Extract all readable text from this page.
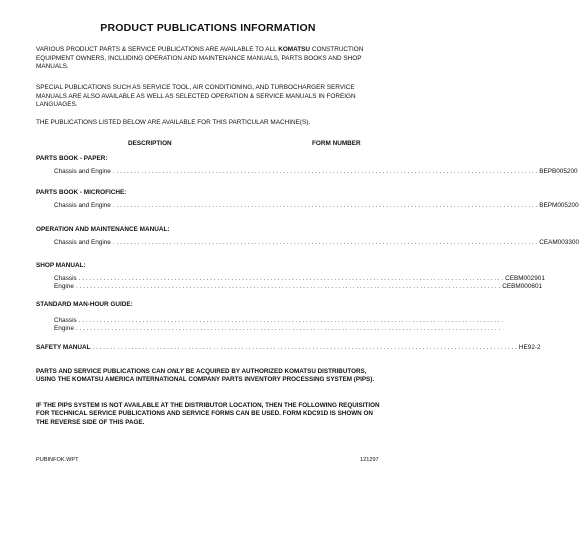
PRODUCT PUBLICATIONS INFORMATION
VARIOUS PRODUCT PARTS & SERVICE PUBLICATIONS ARE AVAILABLE TO ALL KOMATSU CONSTRUCTION EQUIPMENT OWNERS, INCLUDING OPERATION AND MAINTENANCE MANUALS, PARTS BOOKS AND SHOP MANUALS.
SPECIAL PUBLICATIONS SUCH AS SERVICE TOOL, AIR CONDITIONING, AND TURBOCHARGER SERVICE MANUALS ARE ALSO AVAILABLE AS WELL AS SELECTED OPERATION & SERVICE MANUALS IN FOREIGN LANGUAGES.
THE PUBLICATIONS LISTED BELOW ARE AVAILABLE FOR THIS PARTICULAR MACHINE(S).
DESCRIPTION	FORM NUMBER
PARTS BOOK - PAPER:
Chassis and Engine . . . . . . . . . . . . . . . . . . . . . . . . . . . . . . . . . . . . . . . . . . . . . . . . . . . . . . . . . . . . . . . . . . . . . . . . . . . . . . . . . . . . . . . . . . . . . . . . . . . . . . . . . . . . . . . . . . . . . . . . BEPB005200
PARTS BOOK - MICROFICHE:
Chassis and Engine . . . . . . . . . . . . . . . . . . . . . . . . . . . . . . . . . . . . . . . . . . . . . . . . . . . . . . . . . . . . . . . . . . . . . . . . . . . . . . . . . . . . . . . . . . . . . . . . . . . . . . . . . . . . . . . . . . . . . . . . BEPM005200
OPERATION AND MAINTENANCE MANUAL:
Chassis and Engine . . . . . . . . . . . . . . . . . . . . . . . . . . . . . . . . . . . . . . . . . . . . . . . . . . . . . . . . . . . . . . . . . . . . . . . . . . . . . . . . . . . . . . . . . . . . . . . . . . . . . . . . . . . . . . . . . . . . . . . . CEAM003300
SHOP MANUAL:
Chassis . . . . . . . . . . . . . . . . . . . . . . . . . . . . . . . . . . . . . . . . . . . . . . . . . . . . . . . . . . . . . . . . . . . . . . . . . . . . . . . . . . . . . . . . . . . . . . . . . . . . . . . . . . . . . . . . . . . . . . . . CEBM002901
Engine . . . . . . . . . . . . . . . . . . . . . . . . . . . . . . . . . . . . . . . . . . . . . . . . . . . . . . . . . . . . . . . . . . . . . . . . . . . . . . . . . . . . . . . . . . . . . . . . . . . . . . . . . . . . . . . . . . . . . . . . CEBM000601
STANDARD MAN-HOUR GUIDE:
Chassis . . . . . . . . . . . . . . . . . . . . . . . . . . . . . . . . . . . . . . . . . . . . . . . . . . . . . . . . . . . . . . . . . . . . . . . . . . . . . . . . . . . . . . . . . . . . . . . . . . . . . . . . . . . . . . . . . . . . . . . .
Engine . . . . . . . . . . . . . . . . . . . . . . . . . . . . . . . . . . . . . . . . . . . . . . . . . . . . . . . . . . . . . . . . . . . . . . . . . . . . . . . . . . . . . . . . . . . . . . . . . . . . . . . . . . . . . . . . . . . . . . . .
SAFETY MANUAL . . . . . . . . . . . . . . . . . . . . . . . . . . . . . . . . . . . . . . . . . . . . . . . . . . . . . . . . . . . . . . . . . . . . . . . . . . . . . . . . . . . . . . . . . . . . . . . . . . . . . . . . . . . . . . . . . . . . . . . . HE92-2
PARTS AND SERVICE PUBLICATIONS CAN ONLY BE ACQUIRED BY AUTHORIZED KOMATSU DISTRIBUTORS, USING THE KOMATSU AMERICA INTERNATIONAL COMPANY PARTS INVENTORY PROCESSING SYSTEM (PIPS).
IF THE PIPS SYSTEM IS NOT AVAILABLE AT THE DISTRIBUTOR LOCATION, THEN THE FOLLOWING REQUISITION FOR TECHNICAL SERVICE PUBLICATIONS AND SERVICE FORMS CAN BE USED. FORM KDC91D IS SHOWN ON THE REVERSE SIDE OF THIS PAGE.
PUBINFOK.WPT	121297
